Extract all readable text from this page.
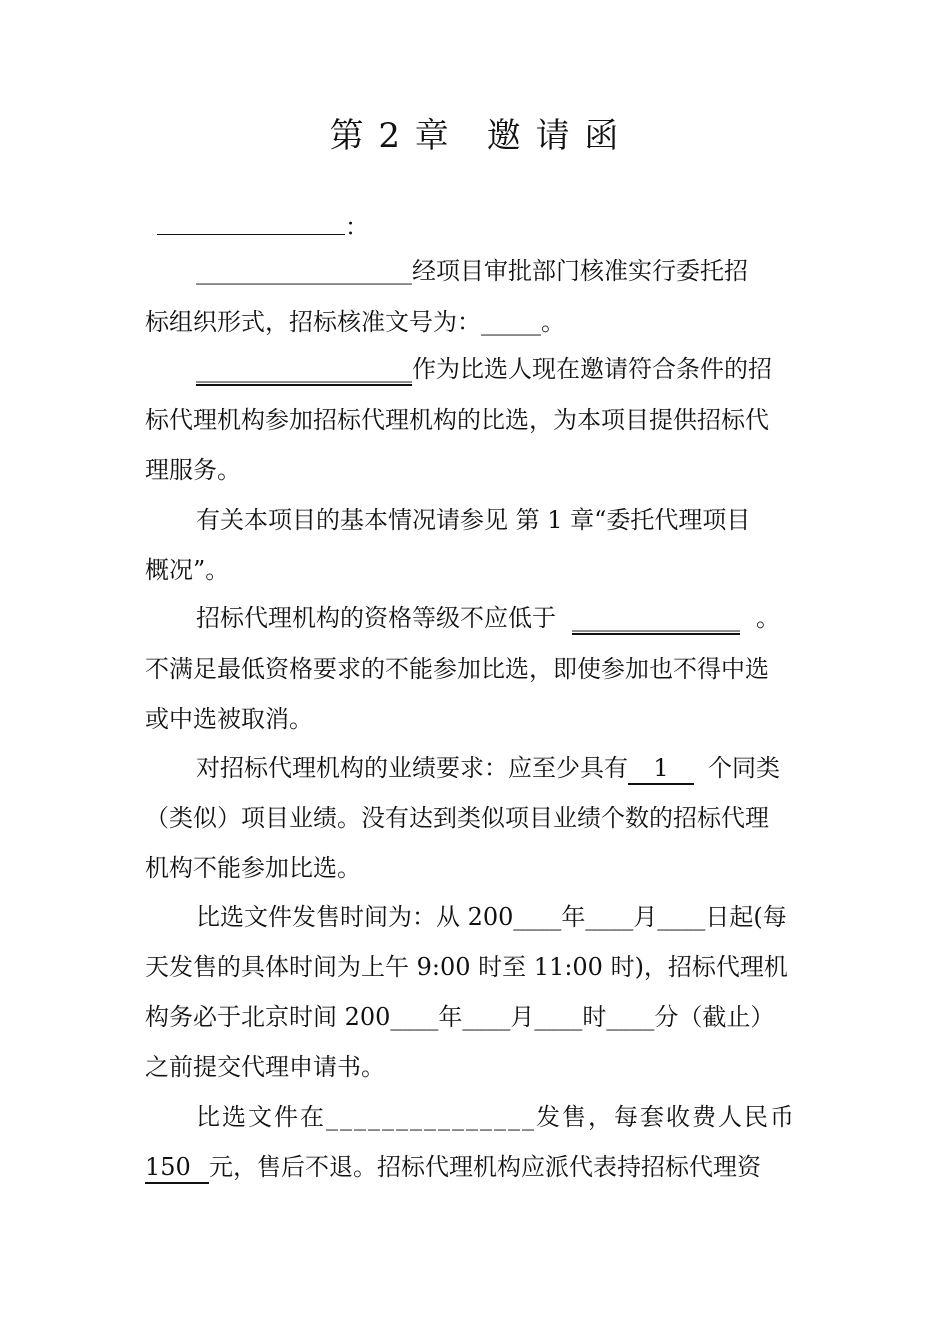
第 2 章　邀 请 函
：
__________________经项目审批部门核准实行委托招
标组织形式，招标核准文号为：_____。
__________________作为比选人现在邀请符合条件的招
标代理机构参加招标代理机构的比选，为本项目提供招标代
理服务。
有关本项目的基本情况请参见 第 1 章“委托代理项目
概况”。
招标代理机构的资格等级不应低于 ______________ 。
不满足最低资格要求的不能参加比选，即使参加也不得中选
或中选被取消。
对招标代理机构的业绩要求：应至少具有 1 个同类
（类似）项目业绩。没有达到类似项目业绩个数的招标代理
机构不能参加比选。
比选文件发售时间为：从 200____年____月____日起(每
天发售的具体时间为上午 9:00 时至 11:00 时)，招标代理机
构务必于北京时间 200____年____月____时____分（截止）
之前提交代理申请书。
比选文件在_______________发售，每套收费人民币
150 元，售后不退。招标代理机构应派代表持招标代理资
